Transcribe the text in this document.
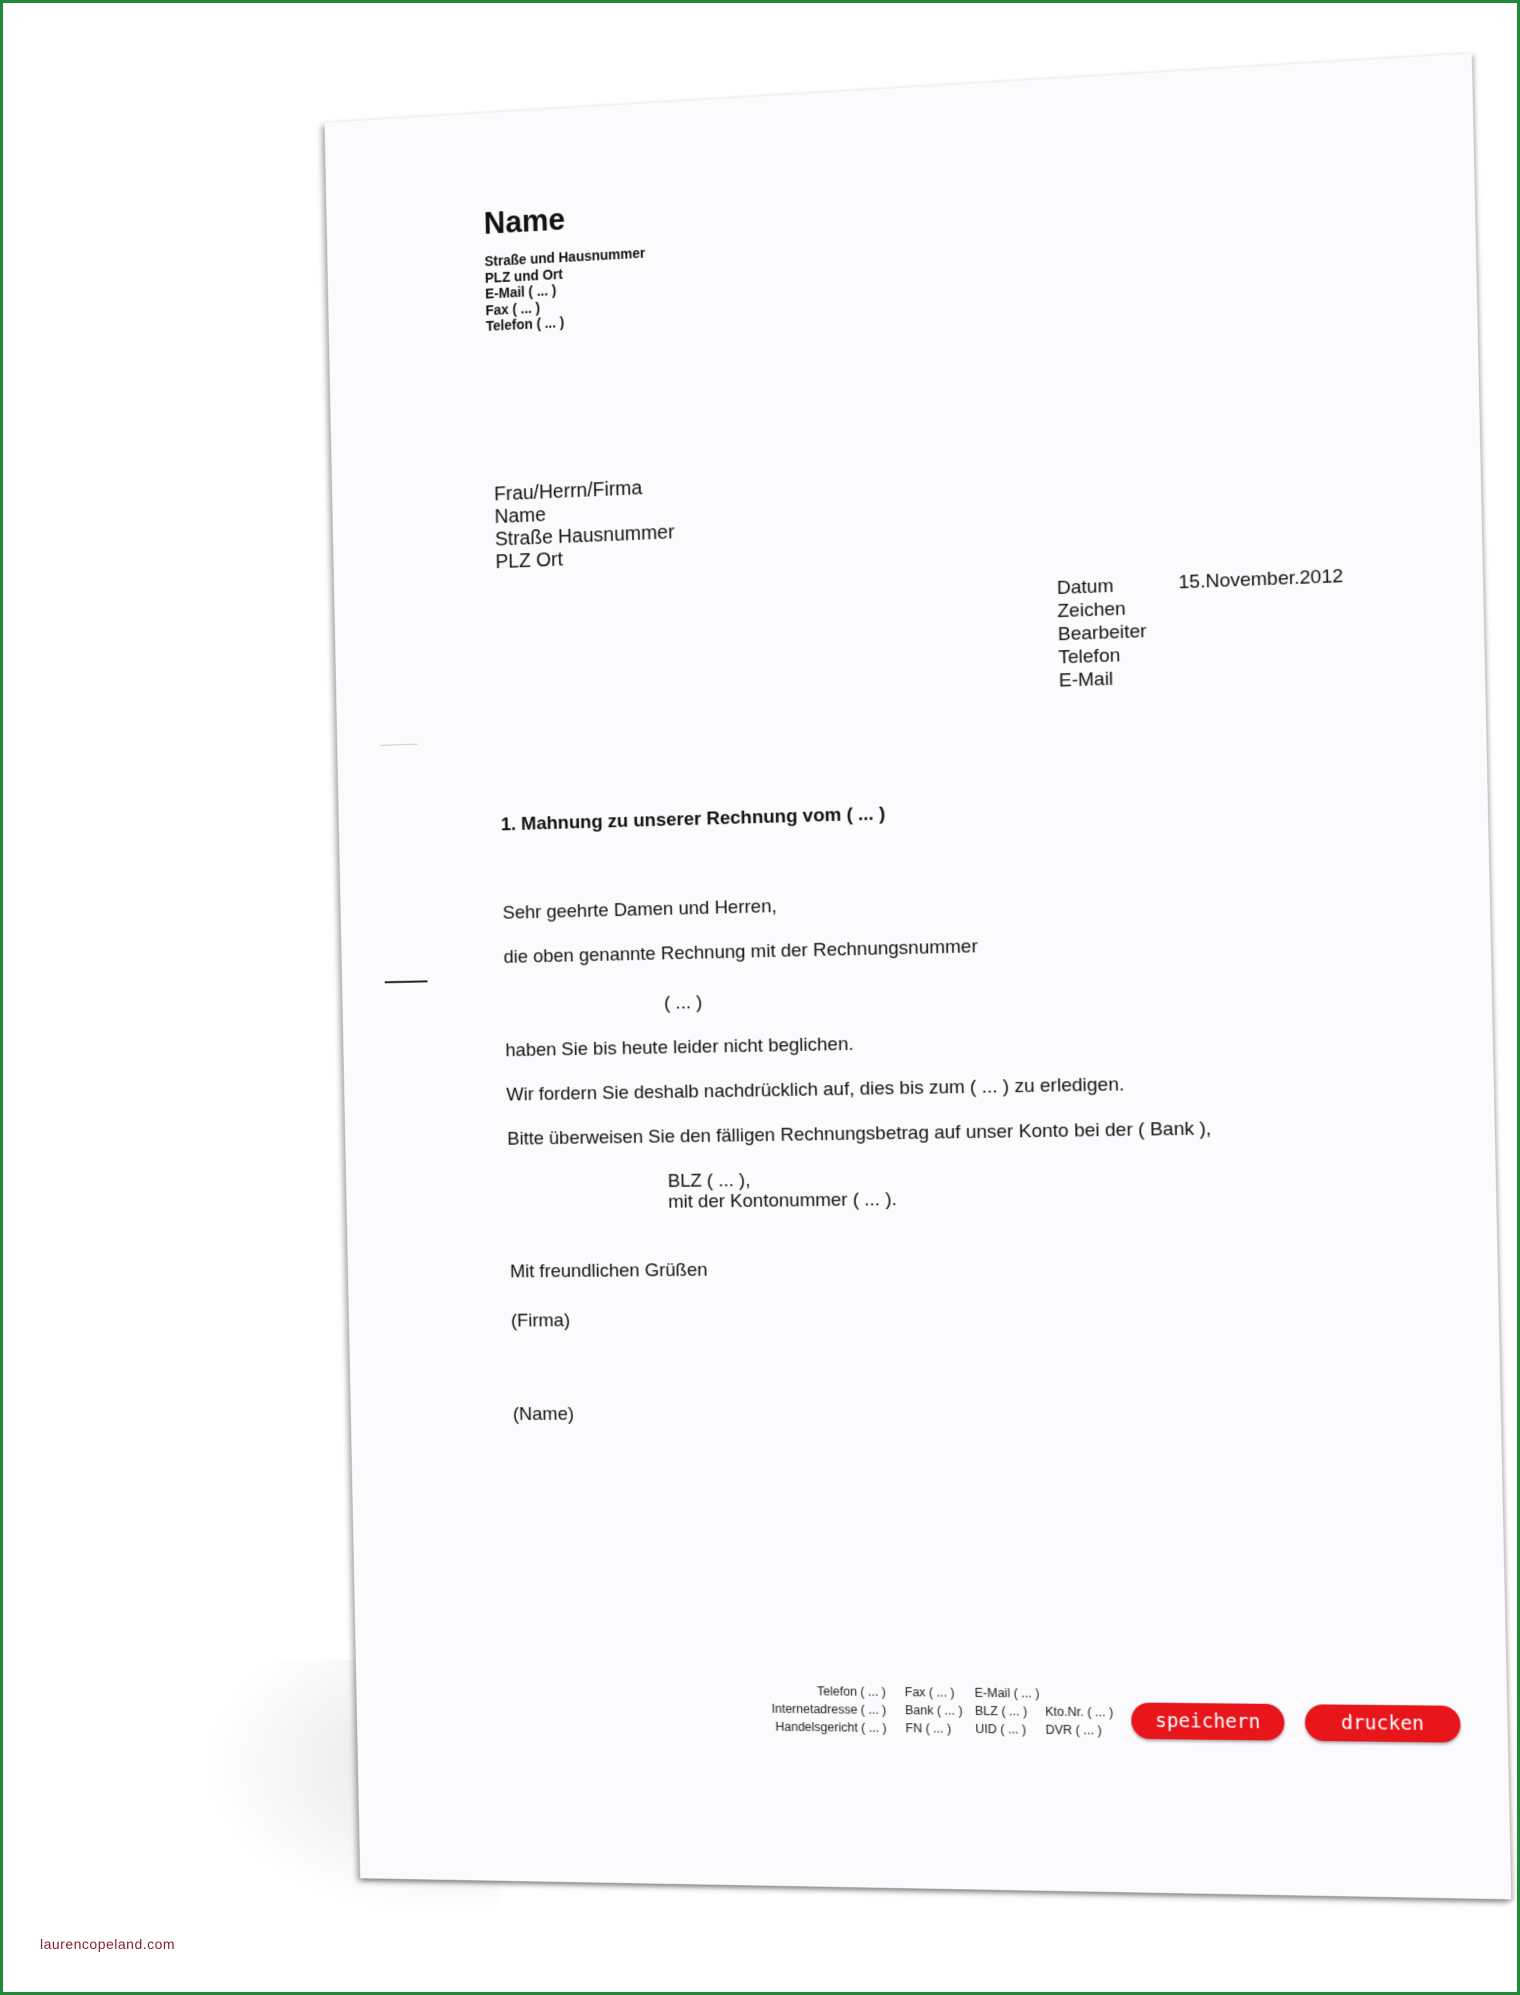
Name
Straße und Hausnummer
PLZ und Ort
E-Mail ( ... )
Fax ( ... )
Telefon ( ... )
Frau/Herrn/Firma
Name
Straße Hausnummer
PLZ Ort
Datum
Zeichen
Bearbeiter
Telefon
E-Mail
15.November.2012
1. Mahnung zu unserer Rechnung vom ( ... )
Sehr geehrte Damen und Herren,
die oben genannte Rechnung mit der Rechnungsnummer
( ... )
haben Sie bis heute leider nicht beglichen.
Wir fordern Sie deshalb nachdrücklich auf, dies bis zum ( ... ) zu erledigen.
Bitte überweisen Sie den fälligen Rechnungsbetrag auf unser Konto bei der ( Bank ),
BLZ ( ... ),
mit der Kontonummer ( ... ).
Mit freundlichen Grüßen
(Firma)
(Name)
Telefon ( ... )
Internetadresse ( ... )
Handelsgericht ( ... )
Fax ( ... )
Bank ( ... )
FN ( ... )
E-Mail ( ... )
BLZ ( ... )
UID ( ... )
Kto.Nr. ( ... )
DVR ( ... )	speichern	drucken
laurencopeland.com
